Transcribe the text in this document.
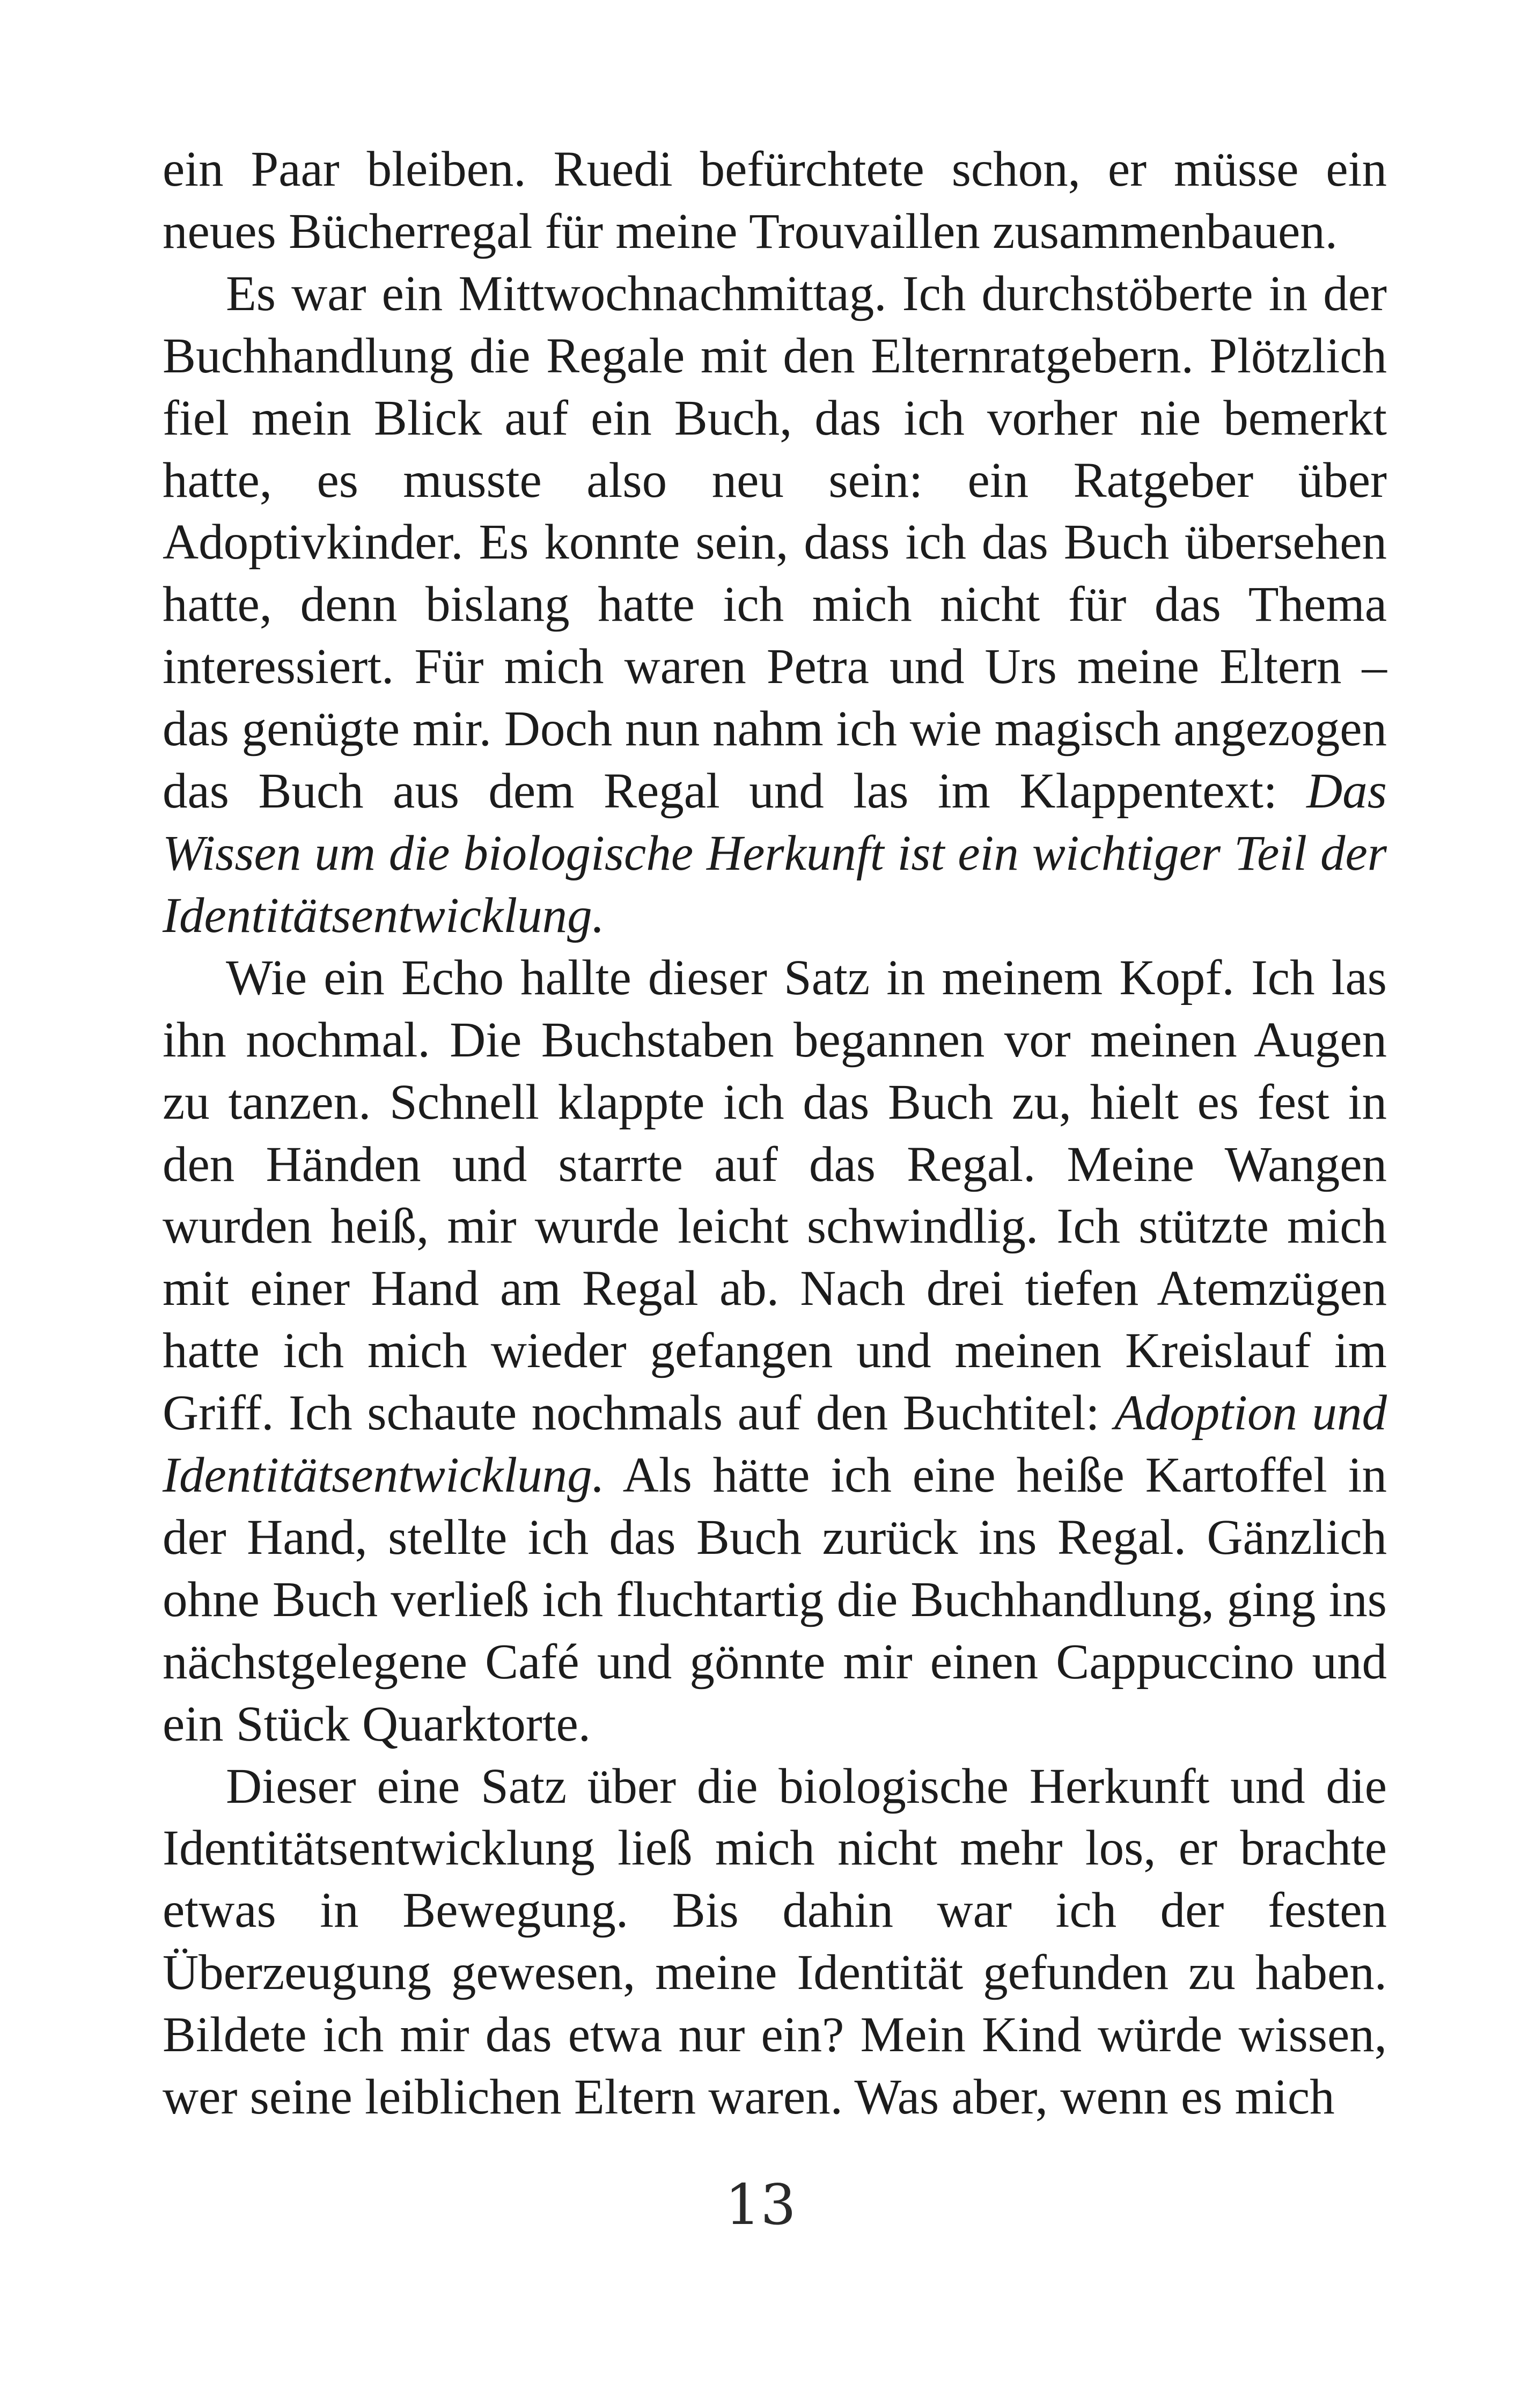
ein Paar bleiben. Ruedi befürchtete schon, er müsse ein neues Bücherregal für meine Trouvaillen zusammenbauen.

Es war ein Mittwochnachmittag. Ich durchstöberte in der Buchhandlung die Regale mit den Elternratgebern. Plötzlich fiel mein Blick auf ein Buch, das ich vorher nie bemerkt hatte, es musste also neu sein: ein Ratgeber über Adoptivkinder. Es konnte sein, dass ich das Buch übersehen hatte, denn bislang hatte ich mich nicht für das Thema interessiert. Für mich waren Petra und Urs meine Eltern – das genügte mir. Doch nun nahm ich wie magisch angezogen das Buch aus dem Regal und las im Klappentext: Das Wissen um die biologische Herkunft ist ein wichtiger Teil der Identitätsentwicklung.

Wie ein Echo hallte dieser Satz in meinem Kopf. Ich las ihn nochmal. Die Buchstaben begannen vor meinen Augen zu tanzen. Schnell klappte ich das Buch zu, hielt es fest in den Händen und starrte auf das Regal. Meine Wangen wurden heiß, mir wurde leicht schwindlig. Ich stützte mich mit einer Hand am Regal ab. Nach drei tiefen Atemzügen hatte ich mich wieder gefangen und meinen Kreislauf im Griff. Ich schaute nochmals auf den Buchtitel: Adoption und Identitätsentwicklung. Als hätte ich eine heiße Kartoffel in der Hand, stellte ich das Buch zurück ins Regal. Gänzlich ohne Buch verließ ich fluchtartig die Buchhandlung, ging ins nächstgelegene Café und gönnte mir einen Cappuccino und ein Stück Quarktorte.

Dieser eine Satz über die biologische Herkunft und die Identitätsentwicklung ließ mich nicht mehr los, er brachte etwas in Bewegung. Bis dahin war ich der festen Überzeugung gewesen, meine Identität gefunden zu haben. Bildete ich mir das etwa nur ein? Mein Kind würde wissen, wer seine leiblichen Eltern waren. Was aber, wenn es mich

13
